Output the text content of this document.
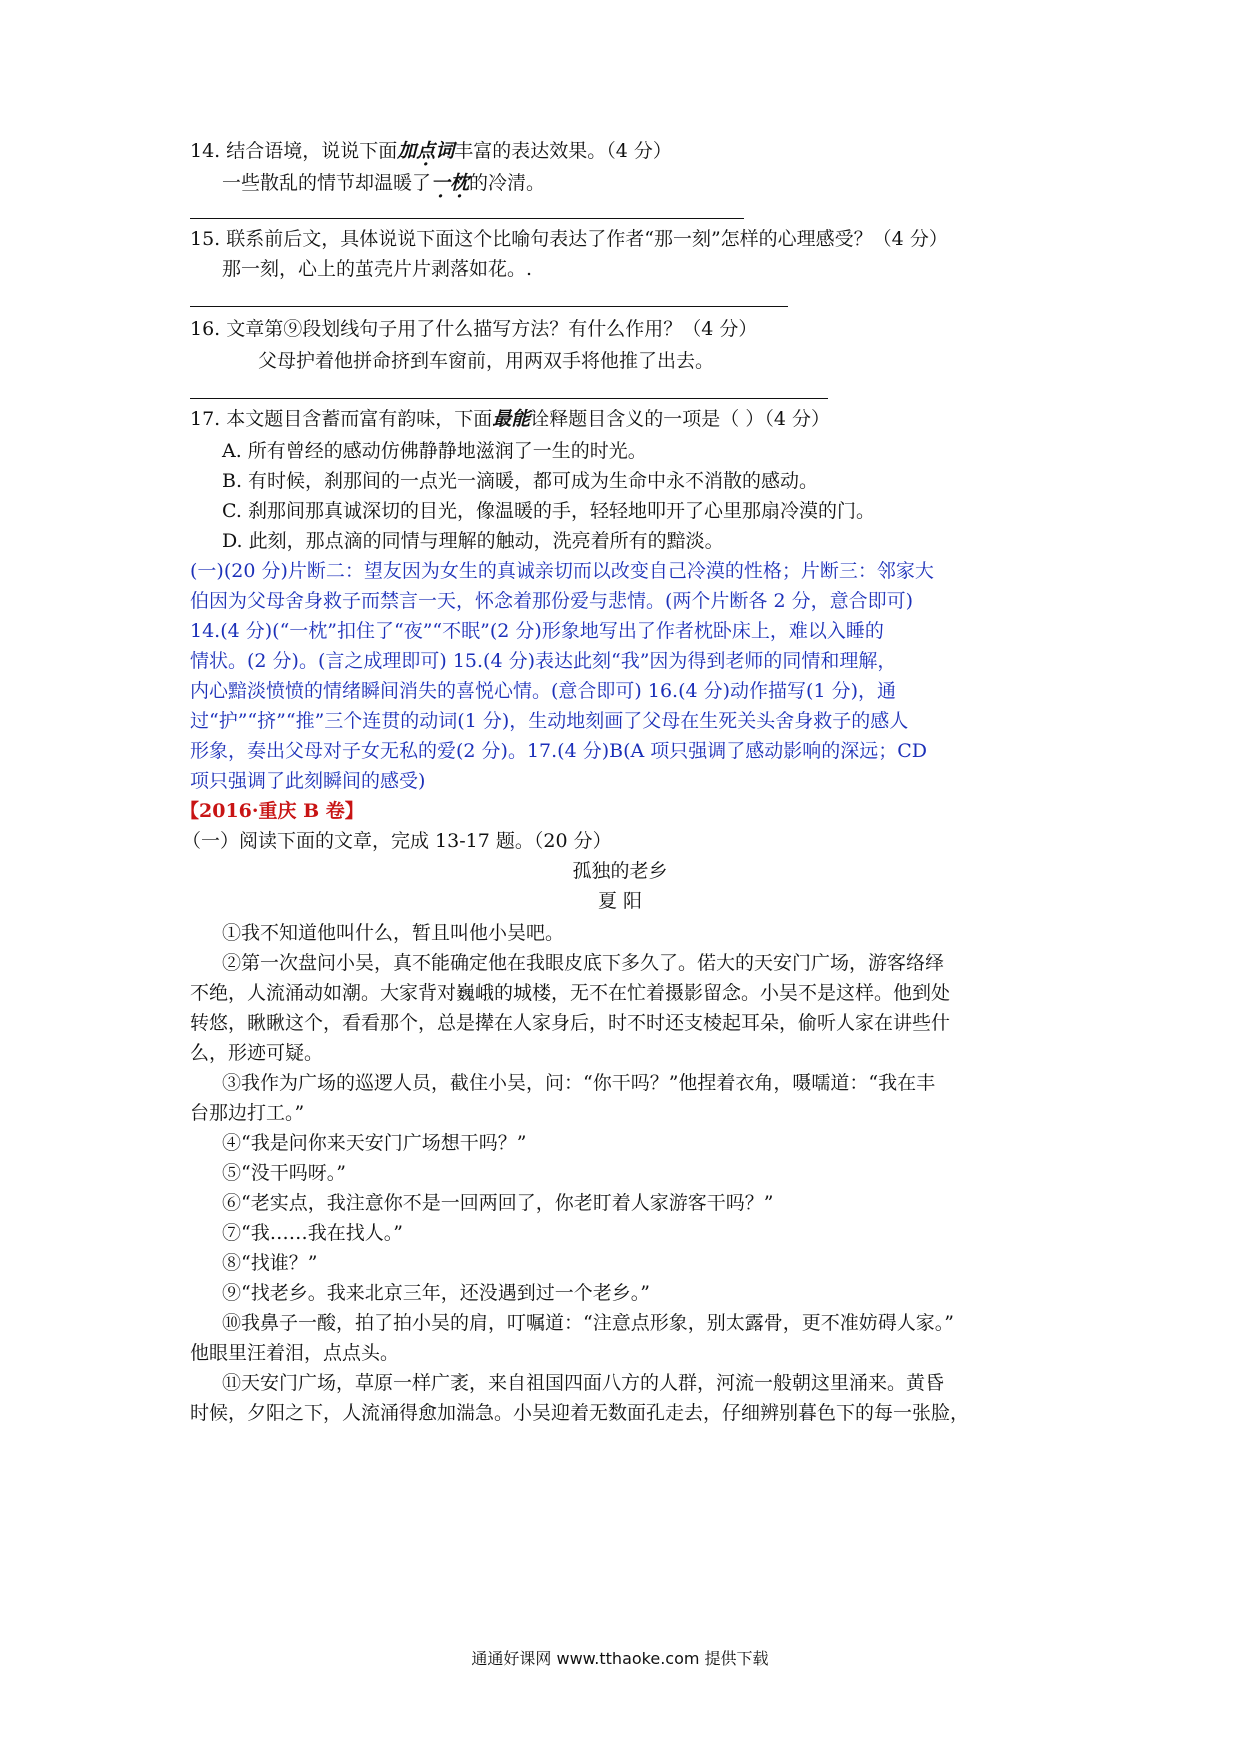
14. 结合语境，说说下面加点词丰富的表达效果。（4 分）
一些散乱的情节却温暖了一枕的冷清。
15. 联系前后文，具体说说下面这个比喻句表达了作者“那一刻”怎样的心理感受？（4 分）
那一刻，心上的茧壳片片剥落如花。.
16. 文章第⑨段划线句子用了什么描写方法？有什么作用？（4 分）
父母护着他拼命挤到车窗前，用两双手将他推了出去。
17. 本文题目含蓄而富有韵味，下面最能诠释题目含义的一项是（ ）（4 分）
A. 所有曾经的感动仿佛静静地滋润了一生的时光。
B. 有时候，刹那间的一点光一滴暖，都可成为生命中永不消散的感动。
C. 刹那间那真诚深切的目光，像温暖的手，轻轻地叩开了心里那扇冷漠的门。
D. 此刻，那点滴的同情与理解的触动，洗亮着所有的黯淡。
(一)(20 分)片断二：望友因为女生的真诚亲切而以改变自己冷漠的性格；片断三：邻家大
伯因为父母舍身救子而禁言一天，怀念着那份爱与悲情。(两个片断各 2 分，意合即可)
14.(4 分)(“一枕”扣住了“夜”“不眠”(2 分)形象地写出了作者枕卧床上，难以入睡的
情状。(2 分)。(言之成理即可) 15.(4 分)表达此刻“我”因为得到老师的同情和理解，
内心黯淡愤愤的情绪瞬间消失的喜悦心情。(意合即可) 16.(4 分)动作描写(1 分)，通
过“护”“挤”“推”三个连贯的动词(1 分)，生动地刻画了父母在生死关头舍身救子的感人
形象，奏出父母对子女无私的爱(2 分)。17.(4 分)B(A 项只强调了感动影响的深远；CD
项只强调了此刻瞬间的感受)
【2016·重庆 B 卷】
（一）阅读下面的文章，完成 13-17 题。（20 分）
孤独的老乡
夏 阳
①我不知道他叫什么，暂且叫他小吴吧。
②第一次盘问小吴，真不能确定他在我眼皮底下多久了。偌大的天安门广场，游客络绎
不绝，人流涌动如潮。大家背对巍峨的城楼，无不在忙着摄影留念。小吴不是这样。他到处
转悠，瞅瞅这个，看看那个，总是撵在人家身后，时不时还支棱起耳朵，偷听人家在讲些什
么，形迹可疑。
③我作为广场的巡逻人员，截住小吴，问：“你干吗？”他捏着衣角，嗫嚅道：“我在丰
台那边打工。”
④“我是问你来天安门广场想干吗？”
⑤“没干吗呀。”
⑥“老实点，我注意你不是一回两回了，你老盯着人家游客干吗？”
⑦“我……我在找人。”
⑧“找谁？”
⑨“找老乡。我来北京三年，还没遇到过一个老乡。”
⑩我鼻子一酸，拍了拍小吴的肩，叮嘱道：“注意点形象，别太露骨，更不准妨碍人家。”
他眼里汪着泪，点点头。
⑪天安门广场，草原一样广袤，来自祖国四面八方的人群，河流一般朝这里涌来。黄昏
时候，夕阳之下，人流涌得愈加湍急。小吴迎着无数面孔走去，仔细辨别暮色下的每一张脸，
通通好课网 www.tthaoke.com 提供下载
